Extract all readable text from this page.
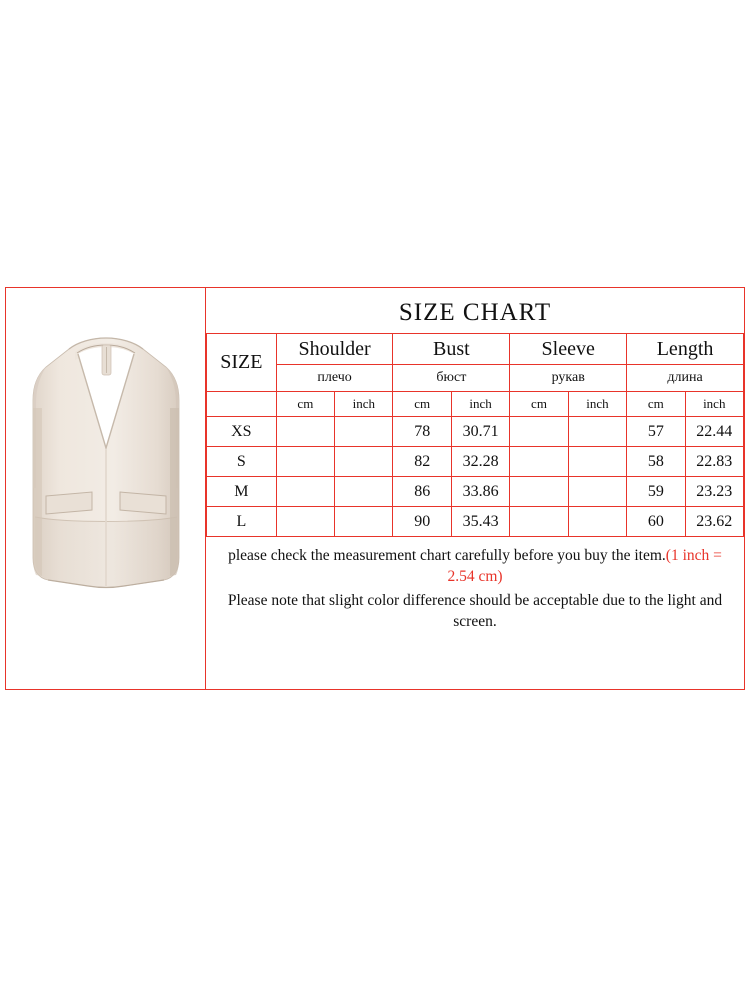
SIZE CHART
SIZE	Shoulder		Bust		Sleeve		Length	
	плечо		бюст		рукав		длина	
	cm	inch	cm	inch	cm	inch	cm	inch
XS			78	30.71			57	22.44
S			82	32.28			58	22.83
M			86	33.86			59	23.23
L			90	35.43			60	23.62

please check the measurement chart carefully before you buy the item.(1 inch = 2.54 cm)

Please note that slight color difference should be acceptable due to the light and screen.
